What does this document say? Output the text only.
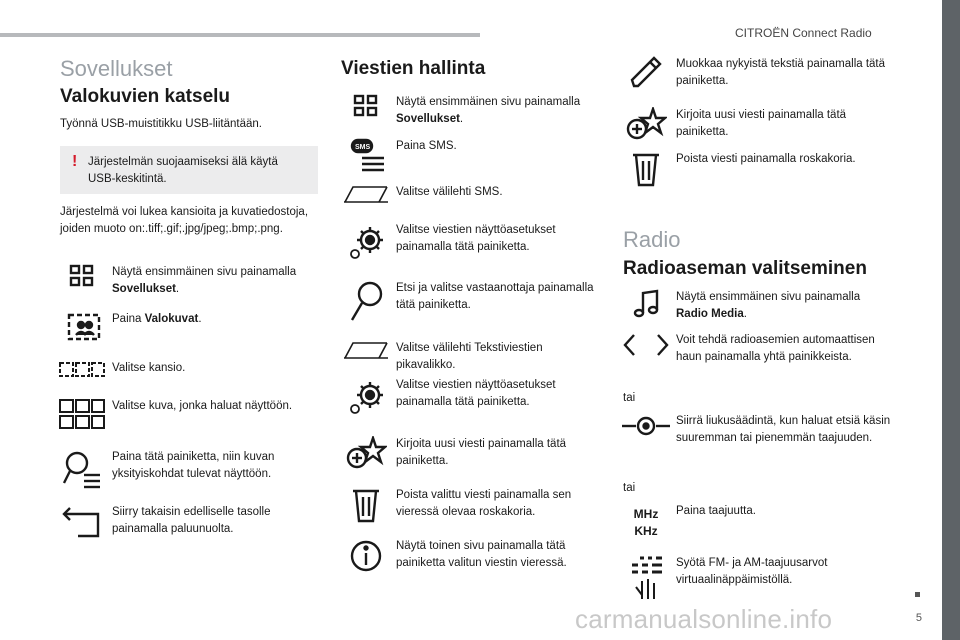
CITROËN Connect Radio
5
Sovellukset
Valokuvien katselu
Työnnä USB-muistitikku USB-liitäntään.
! Järjestelmän suojaamiseksi älä käytä USB-keskitintä.
Järjestelmä voi lukea kansioita ja kuvatiedostoja, joiden muoto on:.tiff;.gif;.jpg/jpeg;.bmp;.png.
Näytä ensimmäinen sivu painamalla Sovellukset.
Paina Valokuvat.
Valitse kansio.
Valitse kuva, jonka haluat näyttöön.
Paina tätä painiketta, niin kuvan yksityiskohdat tulevat näyttöön.
Siirry takaisin edelliselle tasolle painamalla paluunuolta.
Viestien hallinta
Näytä ensimmäinen sivu painamalla Sovellukset.
SMS	Paina SMS.
Valitse välilehti SMS.
Valitse viestien näyttöasetukset painamalla tätä painiketta.
Etsi ja valitse vastaanottaja painamalla tätä painiketta.
Valitse välilehti Tekstiviestien pikavalikko.
Valitse viestien näyttöasetukset painamalla tätä painiketta.
Kirjoita uusi viesti painamalla tätä painiketta.
Poista valittu viesti painamalla sen vieressä olevaa roskakoria.
Näytä toinen sivu painamalla tätä painiketta valitun viestin vieressä.
Muokkaa nykyistä tekstiä painamalla tätä painiketta.
Kirjoita uusi viesti painamalla tätä painiketta.
Poista viesti painamalla roskakoria.
Radio
Radioaseman valitseminen
Näytä ensimmäinen sivu painamalla Radio Media.
Voit tehdä radioasemien automaattisen haun painamalla yhtä painikkeista.
tai
Siirrä liukusäädintä, kun haluat etsiä käsin suuremman tai pienemmän taajuuden.
tai
MHz
KHz
Paina taajuutta.
Syötä FM- ja AM-taajuusarvot virtuaalinäppäimistöllä.
carmanualsonline.info
